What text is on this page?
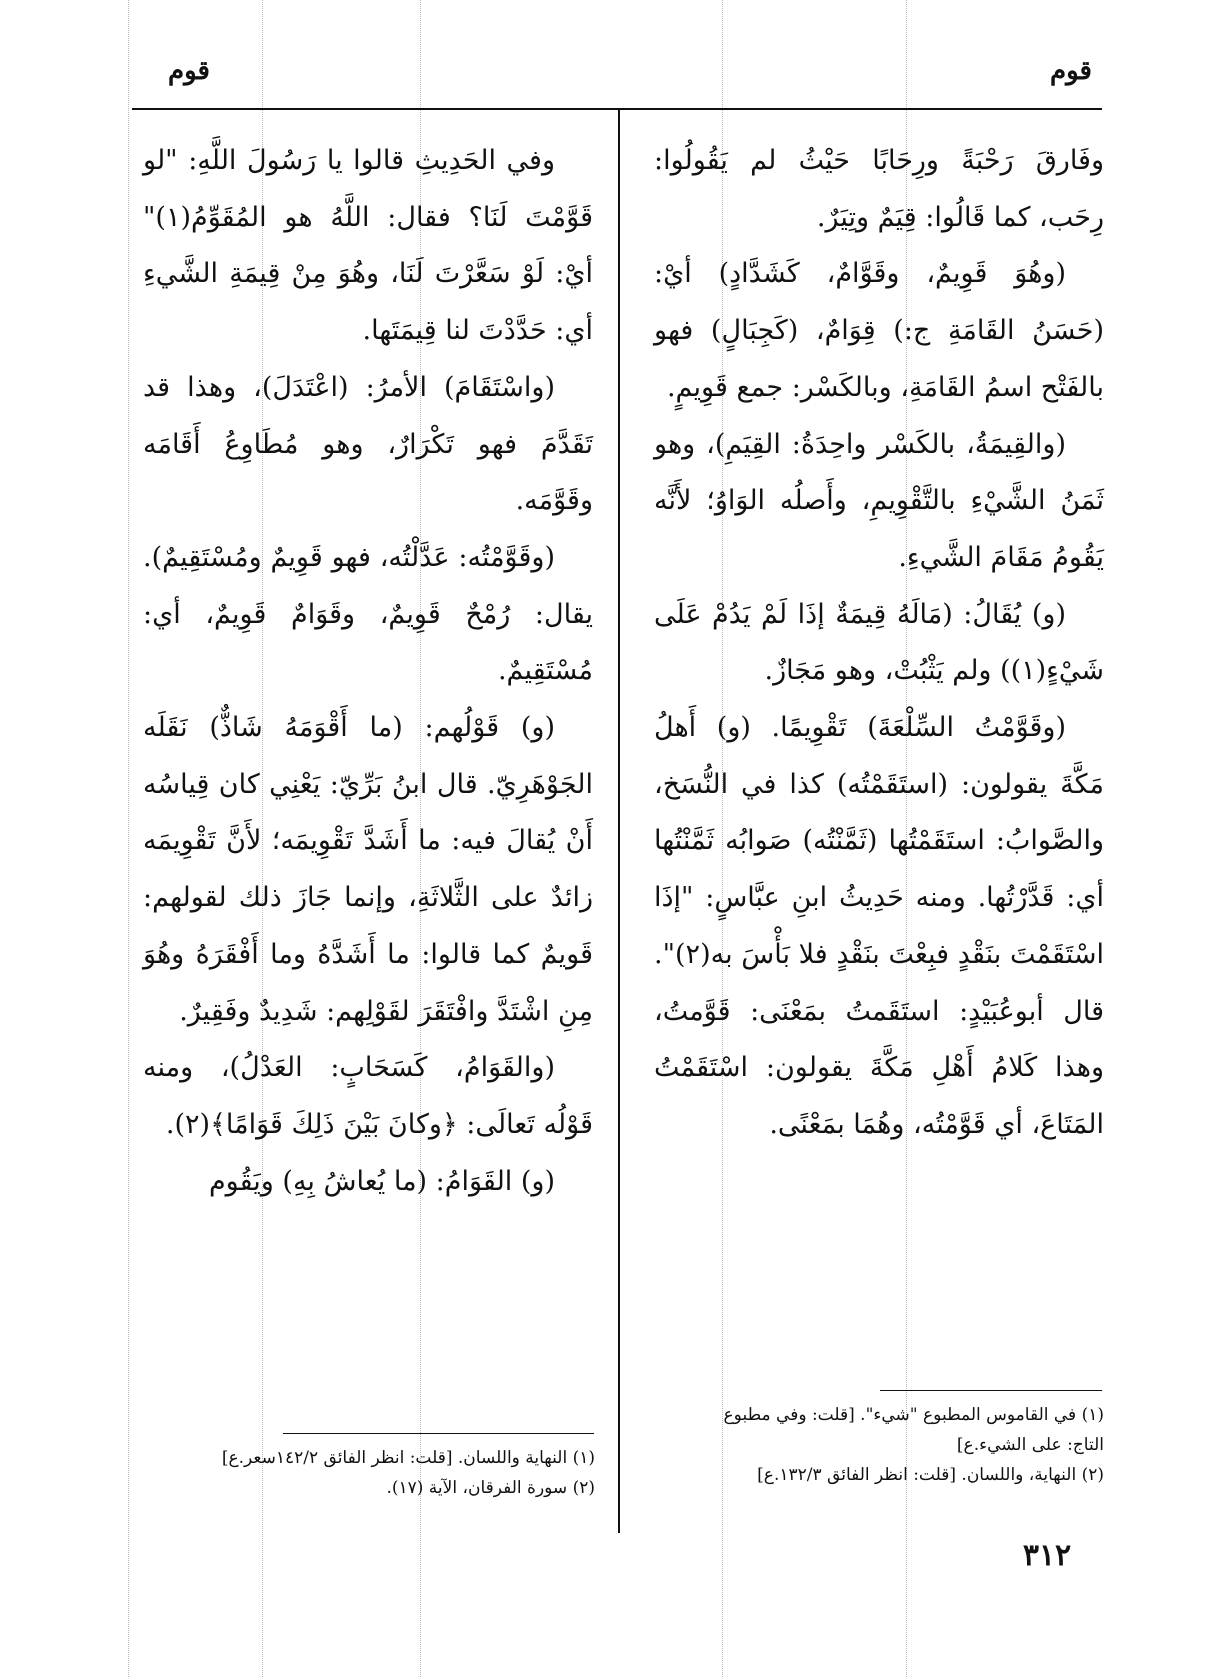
قوم
قوم

وفَارقَ رَحْبَةً ورِحَابًا حَيْثُ لم يَقُولُوا: رِحَب، كما قَالُوا: قِيَمٌ وتِيَرٌ.

(وهُوَ قَوِيمٌ، وقَوَّامٌ، كَشَدَّادٍ) أيْ: (حَسَنُ القَامَةِ ج:) قِوَامٌ، (كَجِبَالٍ) فهو بالفَتْح اسمُ القَامَةِ، وبالكَسْر: جمع قَوِيمٍ.

(والقِيمَةُ، بالكَسْر واحِدَةُ: القِيَمِ)، وهو ثَمَنُ الشَّيْءِ بالتَّقْوِيمِ، وأَصلُه الوَاوُ؛ لأَنَّه يَقُومُ مَقَامَ الشَّيءِ.

(و) يُقَالُ: (مَالَهُ قِيمَةٌ إذَا لَمْ يَدُمْ عَلَى شَيْءٍ(١)) ولم يَثْبُتْ، وهو مَجَازٌ.

(وقَوَّمْتُ السِّلْعَةَ) تَقْوِيمًا. (و) أَهلُ مَكَّةَ يقولون: (استَقَمْتُه) كذا في النُّسَخ، والصَّوابُ: استَقَمْتُها (ثَمَّنْتُه) صَوابُه ثَمَّنْتُها أي: قَدَّرْتُها. ومنه حَدِيثُ ابنِ عبَّاسٍ: "إذَا اسْتَقَمْتَ بنَقْدٍ فبِعْتَ بنَقْدٍ فلا بَأْسَ به(٢)". قال أبوعُبَيْدٍ: استَقَمتُ بمَعْنَى: قَوَّمتُ، وهذا كَلامُ أَهْلِ مَكَّةَ يقولون: اسْتَقَمْتُ المَتَاعَ، أي قَوَّمْتُه، وهُمَا بمَعْنًى.

وفي الحَدِيثِ قالوا يا رَسُولَ اللَّهِ: "لو قَوَّمْتَ لَنَا؟ فقال: اللَّهُ هو المُقَوِّمُ(١)" أيْ: لَوْ سَعَّرْتَ لَنَا، وهُوَ مِنْ قِيمَةِ الشَّيءِ أي: حَدَّدْتَ لنا قِيمَتَها.

(واسْتَقَامَ) الأمرُ: (اعْتَدَلَ)، وهذا قد تَقَدَّمَ فهو تَكْرَارٌ، وهو مُطَاوِعُ أَقَامَه وقَوَّمَه.

(وقَوَّمْتُه: عَدَّلْتُه، فهو قَوِيمٌ ومُسْتَقِيمٌ). يقال: رُمْحٌ قَوِيمٌ، وقَوَامٌ قَوِيمٌ، أي: مُسْتَقِيمٌ.

(و) قَوْلُهم: (ما أَقْوَمَهُ شَاذٌّ) نَقَلَه الجَوْهَرِيّ. قال ابنُ بَرِّيّ: يَعْنِي كان قِياسُه أَنْ يُقالَ فيه: ما أَشَدَّ تَقْوِيمَه؛ لأَنَّ تَقْوِيمَه زائدٌ على الثَّلاثَةِ، وإنما جَازَ ذلك لقولهم: قَويمٌ كما قالوا: ما أَشَدَّهُ وما أَفْقَرَهُ وهُوَ مِنِ اشْتَدَّ وافْتَقَرَ لقَوْلِهم: شَدِيدٌ وفَقِيرٌ.

(والقَوَامُ، كَسَحَابٍ: العَدْلُ)، ومنه قَوْلُه تَعالَى: ﴿وكانَ بَيْنَ ذَلِكَ قَوَامًا﴾(٢).

(و) القَوَامُ: (ما يُعاشُ بِهِ) ويَقُوم

(١) في القاموس المطبوع "شيء". [قلت: وفي مطبوع

التاج: على الشيء.ع]

(٢) النهاية، واللسان. [قلت: انظر الفائق ١٣٢/٣.ع]

(١) النهاية واللسان. [قلت: انظر الفائق ١٤٢/٢سعر.ع]

(٢) سورة الفرقان، الآية (١٧).

٣١٢
